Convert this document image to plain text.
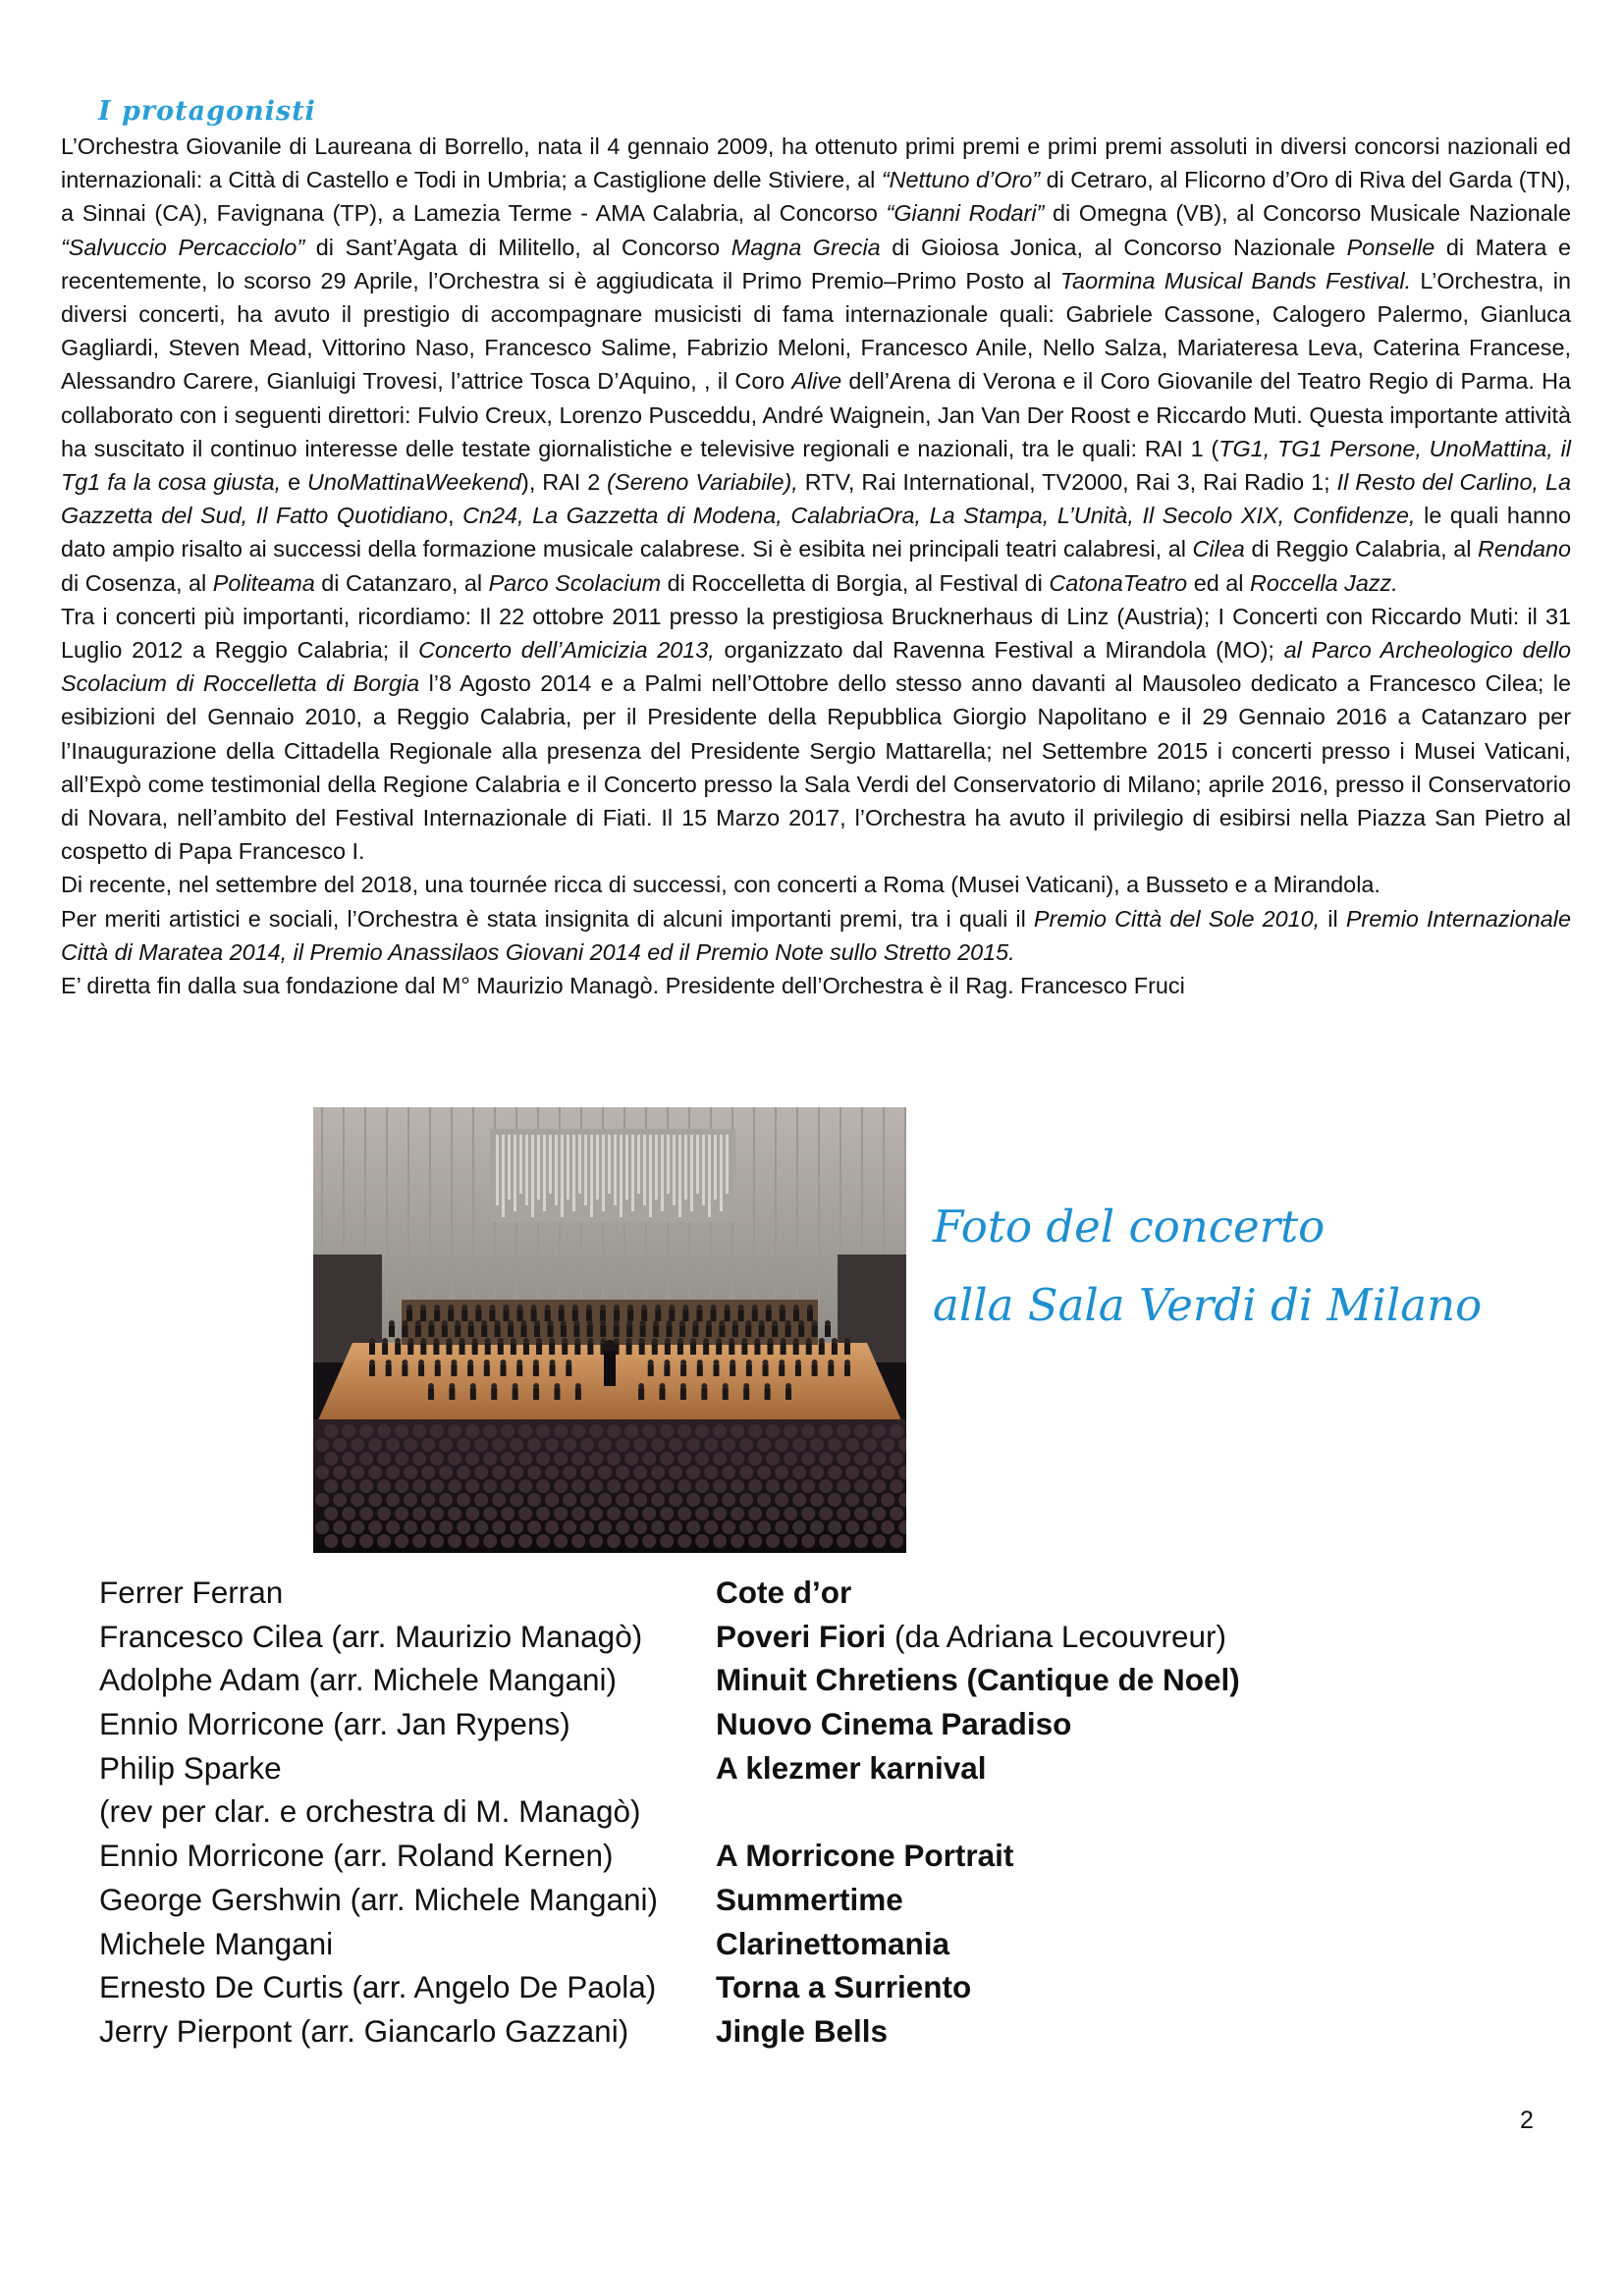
I protagonisti

L’Orchestra Giovanile di Laureana di Borrello, nata il 4 gennaio 2009, ha ottenuto primi premi e primi premi assoluti in diversi concorsi nazionali ed internazionali: a Città di Castello e Todi in Umbria; a Castiglione delle Stiviere, al “Nettuno d’Oro” di Cetraro, al Flicorno d’Oro di Riva del Garda (TN), a Sinnai (CA), Favignana (TP), a Lamezia Terme - AMA Calabria, al Concorso “Gianni Rodari” di Omegna (VB), al Concorso Musicale Nazionale “Salvuccio Percacciolo” di Sant’Agata di Militello, al Concorso Magna Grecia di Gioiosa Jonica, al Concorso Nazionale Ponselle di Matera e recentemente, lo scorso 29 Aprile, l’Orchestra si è aggiudicata il Primo Premio–Primo Posto al Taormina Musical Bands Festival. L’Orchestra, in diversi concerti, ha avuto il prestigio di accompagnare musicisti di fama internazionale quali: Gabriele Cassone, Calogero Palermo, Gianluca Gagliardi, Steven Mead, Vittorino Naso, Francesco Salime, Fabrizio Meloni, Francesco Anile, Nello Salza, Mariateresa Leva, Caterina Francese, Alessandro Carere, Gianluigi Trovesi, l’attrice Tosca D’Aquino, , il Coro Alive dell’Arena di Verona e il Coro Giovanile del Teatro Regio di Parma. Ha collaborato con i seguenti direttori: Fulvio Creux, Lorenzo Pusceddu, André Waignein, Jan Van Der Roost e Riccardo Muti. Questa importante attività ha suscitato il continuo interesse delle testate giornalistiche e televisive regionali e nazionali, tra le quali: RAI 1 (TG1, TG1 Persone, UnoMattina, il Tg1 fa la cosa giusta, e UnoMattinaWeekend), RAI 2 (Sereno Variabile), RTV, Rai International, TV2000, Rai 3, Rai Radio 1; Il Resto del Carlino, La Gazzetta del Sud, Il Fatto Quotidiano, Cn24, La Gazzetta di Modena, CalabriaOra, La Stampa, L’Unità, Il Secolo XIX, Confidenze, le quali hanno dato ampio risalto ai successi della formazione musicale calabrese. Si è esibita nei principali teatri calabresi, al Cilea di Reggio Calabria, al Rendano di Cosenza, al Politeama di Catanzaro, al Parco Scolacium di Roccelletta di Borgia, al Festival di CatonaTeatro ed al Roccella Jazz.

Tra i concerti più importanti, ricordiamo: Il 22 ottobre 2011 presso la prestigiosa Brucknerhaus di Linz (Austria); I Concerti con Riccardo Muti: il 31 Luglio 2012 a Reggio Calabria; il Concerto dell’Amicizia 2013, organizzato dal Ravenna Festival a Mirandola (MO); al Parco Archeologico dello Scolacium di Roccelletta di Borgia l’8 Agosto 2014 e a Palmi nell’Ottobre dello stesso anno davanti al Mausoleo dedicato a Francesco Cilea; le esibizioni del Gennaio 2010, a Reggio Calabria, per il Presidente della Repubblica Giorgio Napolitano e il 29 Gennaio 2016 a Catanzaro per l’Inaugurazione della Cittadella Regionale alla presenza del Presidente Sergio Mattarella; nel Settembre 2015 i concerti presso i Musei Vaticani, all’Expò come testimonial della Regione Calabria e il Concerto presso la Sala Verdi del Conservatorio di Milano; aprile 2016, presso il Conservatorio di Novara, nell’ambito del Festival Internazionale di Fiati. Il 15 Marzo 2017, l’Orchestra ha avuto il privilegio di esibirsi nella Piazza San Pietro al cospetto di Papa Francesco I.

Di recente, nel settembre del 2018, una tournée ricca di successi, con concerti a Roma (Musei Vaticani), a Busseto e a Mirandola.

Per meriti artistici e sociali, l’Orchestra è stata insignita di alcuni importanti premi, tra i quali il Premio Città del Sole 2010, il Premio Internazionale Città di Maratea 2014, il Premio Anassilaos Giovani 2014 ed il Premio Note sullo Stretto 2015.

E’ diretta fin dalla sua fondazione dal M° Maurizio Managò. Presidente dell’Orchestra è il Rag. Francesco Fruci

Foto del concerto
alla Sala Verdi di Milano
Ferrer Ferran	Cote d’or
Francesco Cilea (arr. Maurizio Managò) Poveri Fiori (da Adriana Lecouvreur)
Adolphe Adam (arr. Michele Mangani)	Minuit Chretiens (Cantique de Noel)
Ennio Morricone (arr. Jan Rypens)	Nuovo Cinema Paradiso
Philip Sparke	A klezmer karnival
(rev per clar. e orchestra di M. Managò)
Ennio Morricone (arr. Roland Kernen)	A Morricone Portrait
George Gershwin (arr. Michele Mangani) Summertime
Michele Mangani	Clarinettomania
Ernesto De Curtis (arr. Angelo De Paola) Torna a Surriento
Jerry Pierpont (arr. Giancarlo Gazzani)	Jingle Bells
2
